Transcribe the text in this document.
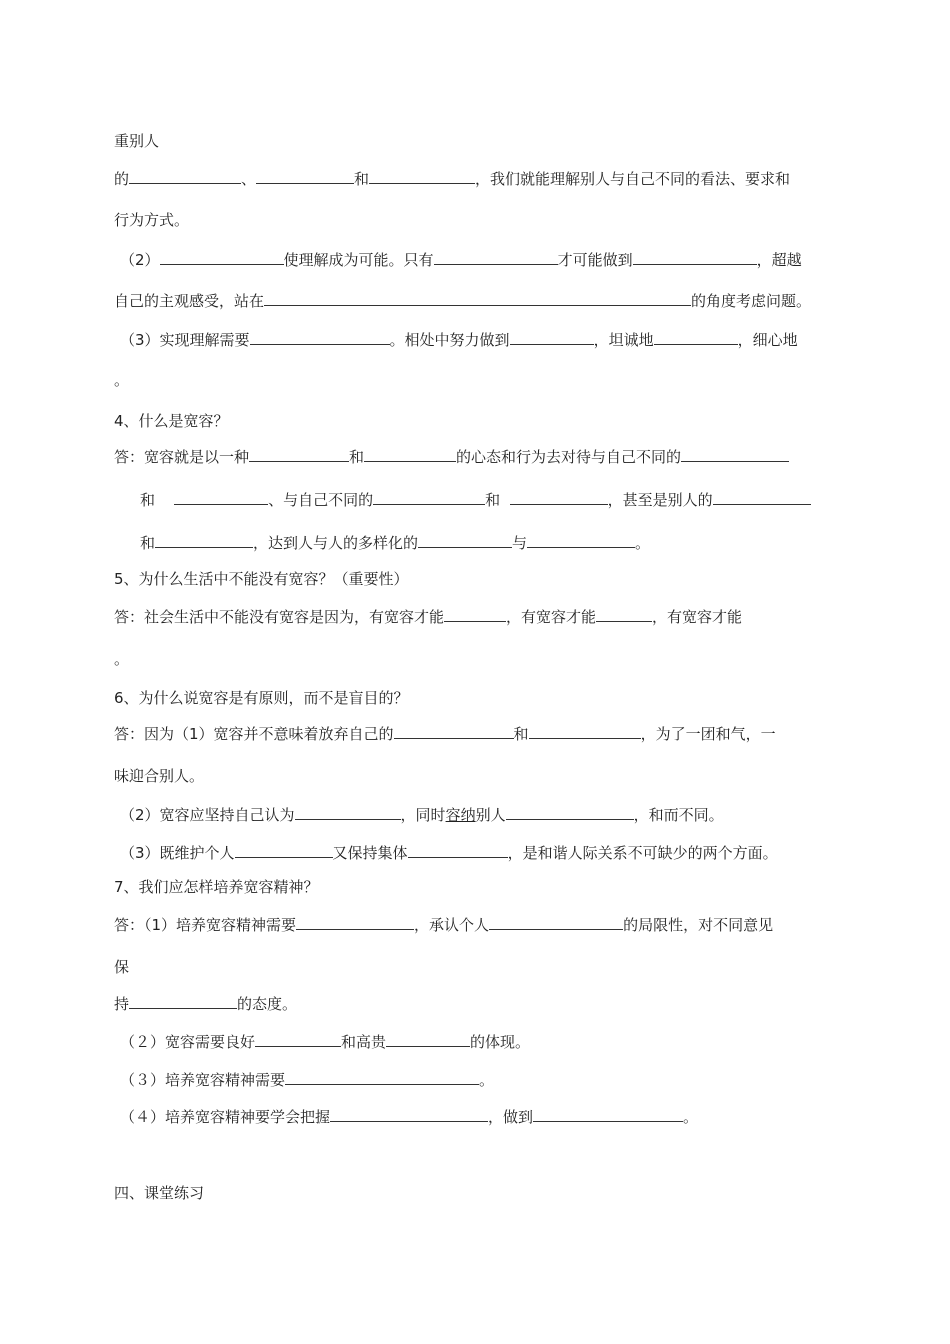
重别人
的	、	和	，我们就能理解别人与自己不同的看法、要求和
行为方式。
（2）	使理解成为可能。只有	才可能做到	，超越
自己的主观感受，站在	的角度考虑问题。
（3）实现理解需要	。相处中努力做到	，坦诚地	，细心地
。
4、什么是宽容？
答：宽容就是以一种	和	的心态和行为去对待与自己不同的
和	、与自己不同的	和	，甚至是别人的
和	，达到人与人的多样化的	与	。
5、为什么生活中不能没有宽容？（重要性）
答：社会生活中不能没有宽容是因为，有宽容才能	，有宽容才能	，有宽容才能
。
6、为什么说宽容是有原则，而不是盲目的？
答：因为（1）宽容并不意味着放弃自己的	和	，为了一团和气，一
味迎合别人。
（2）宽容应坚持自己认为	，同时容纳别人	，和而不同。
（3）既维护个人	又保持集体	，是和谐人际关系不可缺少的两个方面。
7、我们应怎样培养宽容精神？
答：（1）培养宽容精神需要	，承认个人	的局限性，对不同意见
保
持	的态度。
（２）宽容需要良好	和高贵	的体现。
（３）培养宽容精神需要	。
（４）培养宽容精神要学会把握	，做到	。
四、课堂练习
